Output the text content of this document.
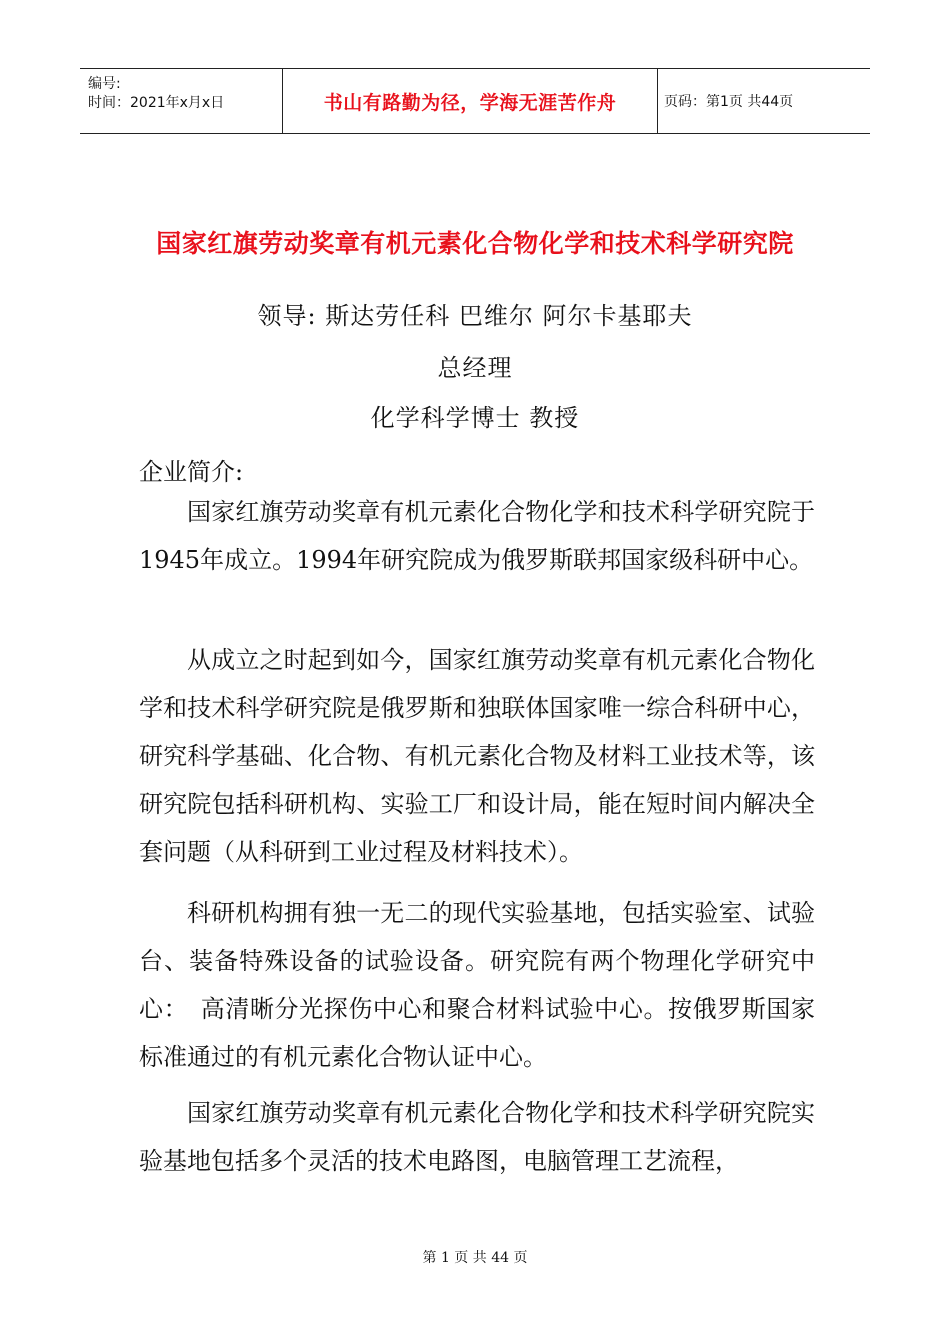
编号:
时间：2021年x月x日	书山有路勤为径，学海无涯苦作舟	页码：第1页 共44页
国家红旗劳动奖章有机元素化合物化学和技术科学研究院
领导: 斯达劳任科 巴维尔 阿尔卡基耶夫
总经理
化学科学博士 教授
企业简介:
国家红旗劳动奖章有机元素化合物化学和技术科学研究院于1945年成立。1994年研究院成为俄罗斯联邦国家级科研中心。
从成立之时起到如今，国家红旗劳动奖章有机元素化合物化学和技术科学研究院是俄罗斯和独联体国家唯一综合科研中心，研究科学基础、化合物、有机元素化合物及材料工业技术等，该研究院包括科研机构、实验工厂和设计局，能在短时间内解决全套问题（从科研到工业过程及材料技术）。
科研机构拥有独一无二的现代实验基地，包括实验室、试验台、装备特殊设备的试验设备。研究院有两个物理化学研究中心：　高清晰分光探伤中心和聚合材料试验中心。按俄罗斯国家标准通过的有机元素化合物认证中心。
国家红旗劳动奖章有机元素化合物化学和技术科学研究院实验基地包括多个灵活的技术电路图，电脑管理工艺流程，
第 1 页 共 44 页
